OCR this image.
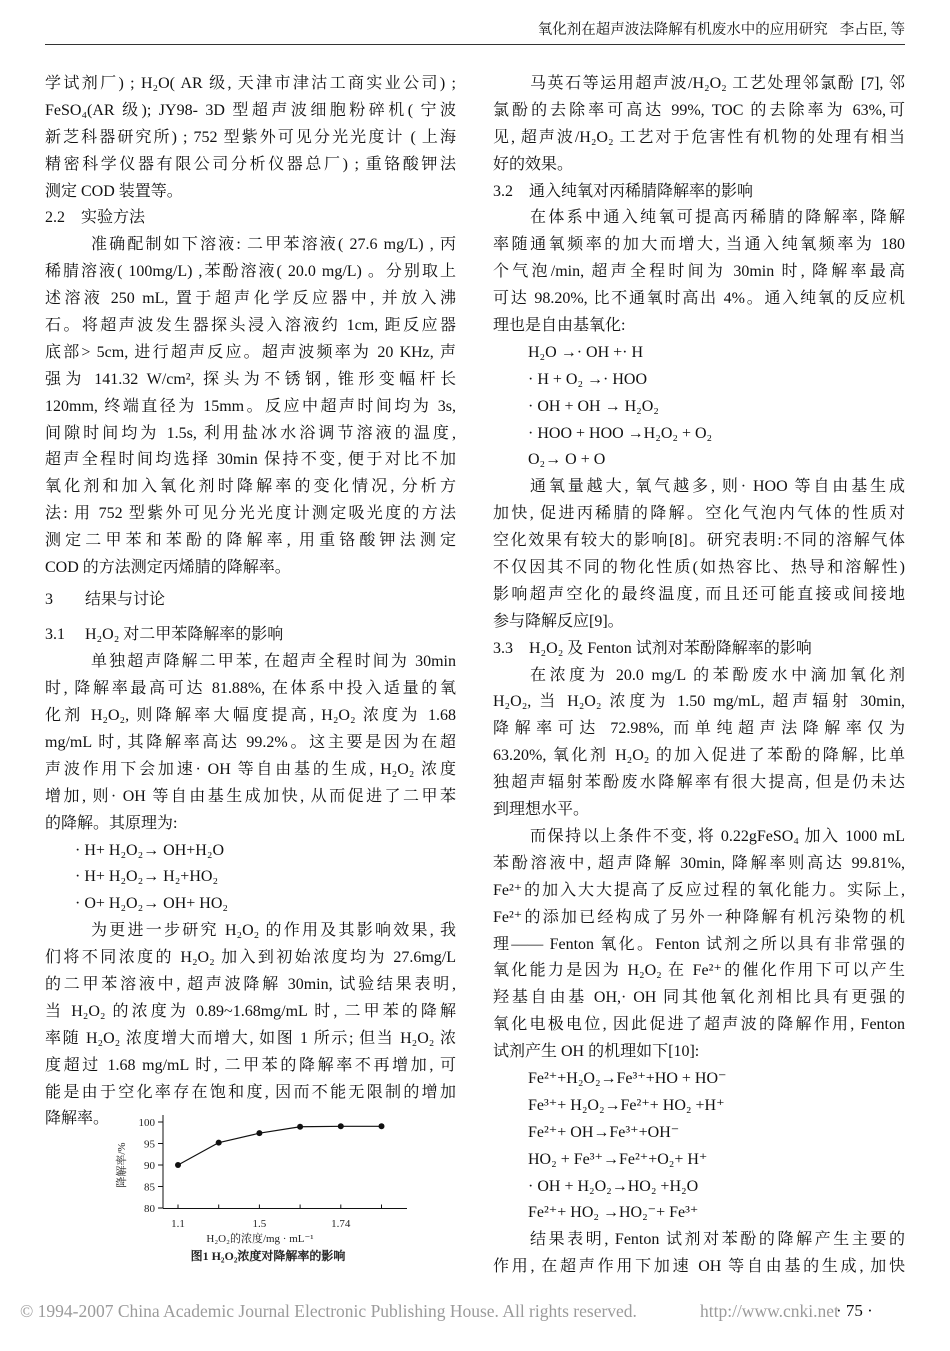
氧化剂在超声波法降解有机废水中的应用研究 李占臣, 等
学试剂厂) ; H₂O( AR 级, 天津市津沽工商实业公司) ;
FeSO₄(AR 级); JY98- 3D 型超声波细胞粉碎机( 宁波
新芝科器研究所) ; 752 型紫外可见分光光度计 ( 上海
精密科学仪器有限公司分析仪器总厂) ; 重铬酸钾法
测定 COD 装置等。
2.2　实验方法
准确配制如下溶液: 二甲苯溶液( 27.6 mg/L) , 丙
稀腈溶液( 100mg/L) ,苯酚溶液( 20.0 mg/L) 。分别取上
述溶液 250 mL, 置于超声化学反应器中, 并放入沸
石。将超声波发生器探头浸入溶液约 1cm, 距反应器
底部> 5cm, 进行超声反应。超声波频率为 20 KHz, 声
强为 141.32 W/cm², 探头为不锈钢, 锥形变幅杆长
120mm, 终端直径为 15mm。反应中超声时间均为 3s,
间隙时间均为 1.5s, 利用盐冰水浴调节溶液的温度,
超声全程时间均选择 30min 保持不变, 便于对比不加
氧化剂和加入氧化剂时降解率的变化情况, 分析方
法: 用 752 型紫外可见分光光度计测定吸光度的方法
测定二甲苯和苯酚的降解率, 用重铬酸钾法测定
COD 的方法测定丙烯腈的降解率。
3　　结果与讨论
3.1　 H₂O₂ 对二甲苯降解率的影响
单独超声降解二甲苯, 在超声全程时间为 30min
时, 降解率最高可达 81.88%, 在体系中投入适量的氧
化剂 H₂O₂, 则降解率大幅度提高, H₂O₂ 浓度为 1.68
mg/mL 时, 其降解率高达 99.2%。这主要是因为在超
声波作用下会加速· OH 等自由基的生成, H₂O₂ 浓度
增加, 则· OH 等自由基生成加快, 从而促进了二甲苯
的降解。其原理为:
· H+ H₂O₂→ OH+H₂O
· H+ H₂O₂→ H₂+HO₂
· O+ H₂O₂→ OH+ HO₂
为更进一步研究 H₂O₂ 的作用及其影响效果, 我
们将不同浓度的 H₂O₂ 加入到初始浓度均为 27.6mg/L
的二甲苯溶液中, 超声波降解 30min, 试验结果表明,
当 H₂O₂ 的浓度为 0.89~1.68mg/mL 时, 二甲苯的降解
率随 H₂O₂ 浓度增大而增大, 如图 1 所示; 但当 H₂O₂ 浓
度超过 1.68 mg/mL 时, 二甲苯的降解率不再增加, 可
能是由于空化率存在饱和度, 因而不能无限制的增加
降解率。
马英石等运用超声波/H₂O₂ 工艺处理邻氯酚 [7], 邻
氯酚的去除率可高达 99%, TOC 的去除率为 63%,可
见, 超声波/H₂O₂ 工艺对于危害性有机物的处理有相当
好的效果。
3.2　通入纯氧对丙稀腈降解率的影响
在体系中通入纯氧可提高丙稀腈的降解率, 降解
率随通氧频率的加大而增大, 当通入纯氧频率为 180
个气泡/min, 超声全程时间为 30min 时, 降解率最高
可达 98.20%, 比不通氧时高出 4%。通入纯氧的反应机
理也是自由基氧化:
H₂O →· OH +· H
· H + O₂ →· HOO
· OH + OH → H₂O₂
· HOO + HOO →H₂O₂ + O₂
O₂→ O + O
通氧量越大, 氧气越多, 则· HOO 等自由基生成
加快, 促进丙稀腈的降解。空化气泡内气体的性质对
空化效果有较大的影响[8]。研究表明:不同的溶解气体
不仅因其不同的物化性质(如热容比、热导和溶解性)
影响超声空化的最终温度, 而且还可能直接或间接地
参与降解反应[9]。
3.3　H₂O₂ 及 Fenton 试剂对苯酚降解率的影响
在浓度为 20.0 mg/L 的苯酚废水中滴加氧化剂
H₂O₂, 当 H₂O₂ 浓度为 1.50 mg/mL, 超声辐射 30min,
降解率可达 72.98%, 而单纯超声法降解率仅为
63.20%, 氧化剂 H₂O₂ 的加入促进了苯酚的降解, 比单
独超声辐射苯酚废水降解率有很大提高, 但是仍未达
到理想水平。
而保持以上条件不变, 将 0.22gFeSO₄ 加入 1000 mL
苯酚溶液中, 超声降解 30min, 降解率则高达 99.81%,
Fe²⁺的加入大大提高了反应过程的氧化能力。实际上,
Fe²⁺的添加已经构成了另外一种降解有机污染物的机
理—— Fenton 氧化。Fenton 试剂之所以具有非常强的
氧化能力是因为 H₂O₂ 在 Fe²⁺的催化作用下可以产生
羟基自由基 OH,· OH 同其他氧化剂相比具有更强的
氧化电极电位, 因此促进了超声波的降解作用, Fenton
试剂产生 OH 的机理如下[10]:
Fe²⁺+H₂O₂→Fe³⁺+HO + HO⁻
Fe³⁺+ H₂O₂→Fe²⁺+ HO₂ +H⁺
Fe²⁺+ OH→Fe³⁺+OH⁻
HO₂ + Fe³⁺→Fe²⁺+O₂+ H⁺
· OH + H₂O₂→HO₂ +H₂O
Fe²⁺+ HO₂ →HO₂⁻+ Fe³⁺
结果表明, Fenton 试剂对苯酚的降解产生主要的
作用, 在超声作用下加速 OH 等自由基的生成, 加快
80
85
90
95
100
1.1	1.5	1.74
H₂O₂的浓度/mg · mL⁻¹
降解率/%
图1 H₂O₂浓度对降解率的影响
© 1994-2007 China Academic Journal Electronic Publishing House. All rights reserved.	http://www.cnki.net
· 75 ·
